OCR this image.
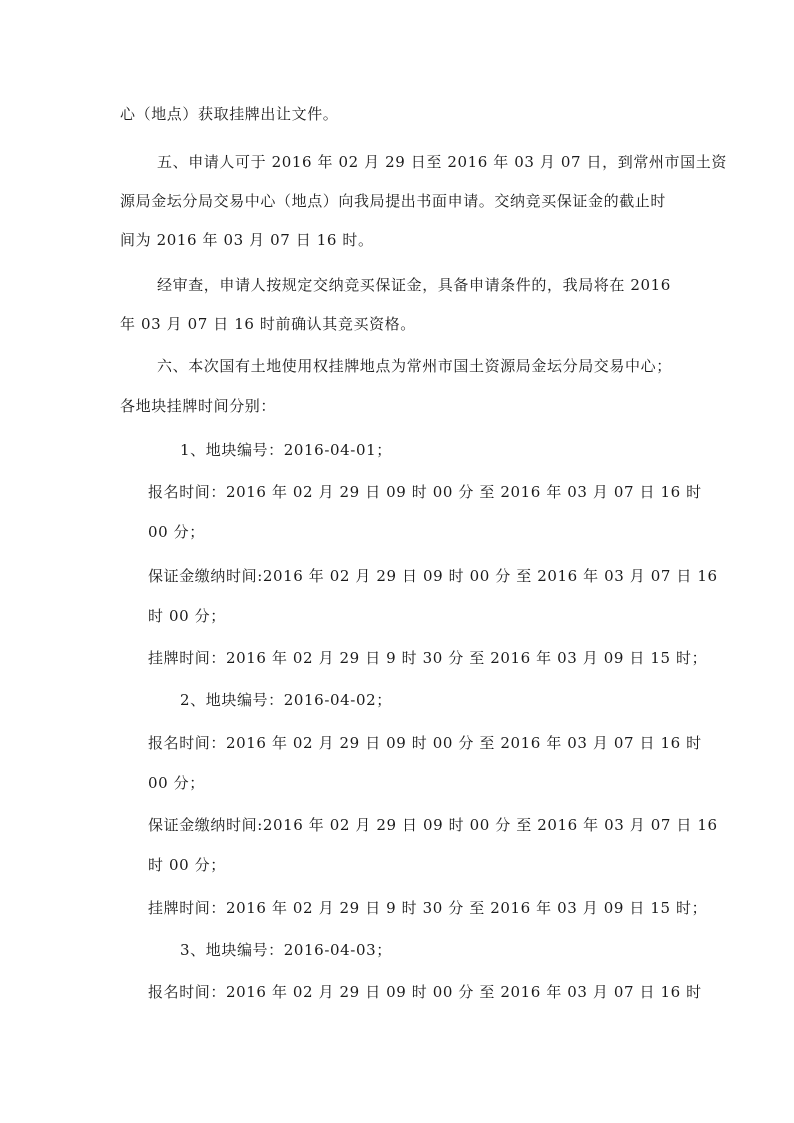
心（地点）获取挂牌出让文件。
五、申请人可于 2016 年 02 月 29 日至 2016 年 03 月 07 日，到常州市国土资
源局金坛分局交易中心（地点）向我局提出书面申请。交纳竞买保证金的截止时
间为 2016 年 03 月 07 日 16 时。
经审查，申请人按规定交纳竞买保证金，具备申请条件的，我局将在 2016
年 03 月 07 日 16 时前确认其竞买资格。
六、本次国有土地使用权挂牌地点为常州市国土资源局金坛分局交易中心；
各地块挂牌时间分别：
1、地块编号：2016-04-01；
报名时间：2016 年 02 月 29 日 09 时 00 分 至 2016 年 03 月 07 日 16 时
00 分；
保证金缴纳时间:2016 年 02 月 29 日 09 时 00 分 至 2016 年 03 月 07 日 16
时 00 分；
挂牌时间：2016 年 02 月 29 日 9 时 30 分 至 2016 年 03 月 09 日 15 时；
2、地块编号：2016-04-02；
报名时间：2016 年 02 月 29 日 09 时 00 分 至 2016 年 03 月 07 日 16 时
00 分；
保证金缴纳时间:2016 年 02 月 29 日 09 时 00 分 至 2016 年 03 月 07 日 16
时 00 分；
挂牌时间：2016 年 02 月 29 日 9 时 30 分 至 2016 年 03 月 09 日 15 时；
3、地块编号：2016-04-03；
报名时间：2016 年 02 月 29 日 09 时 00 分 至 2016 年 03 月 07 日 16 时
